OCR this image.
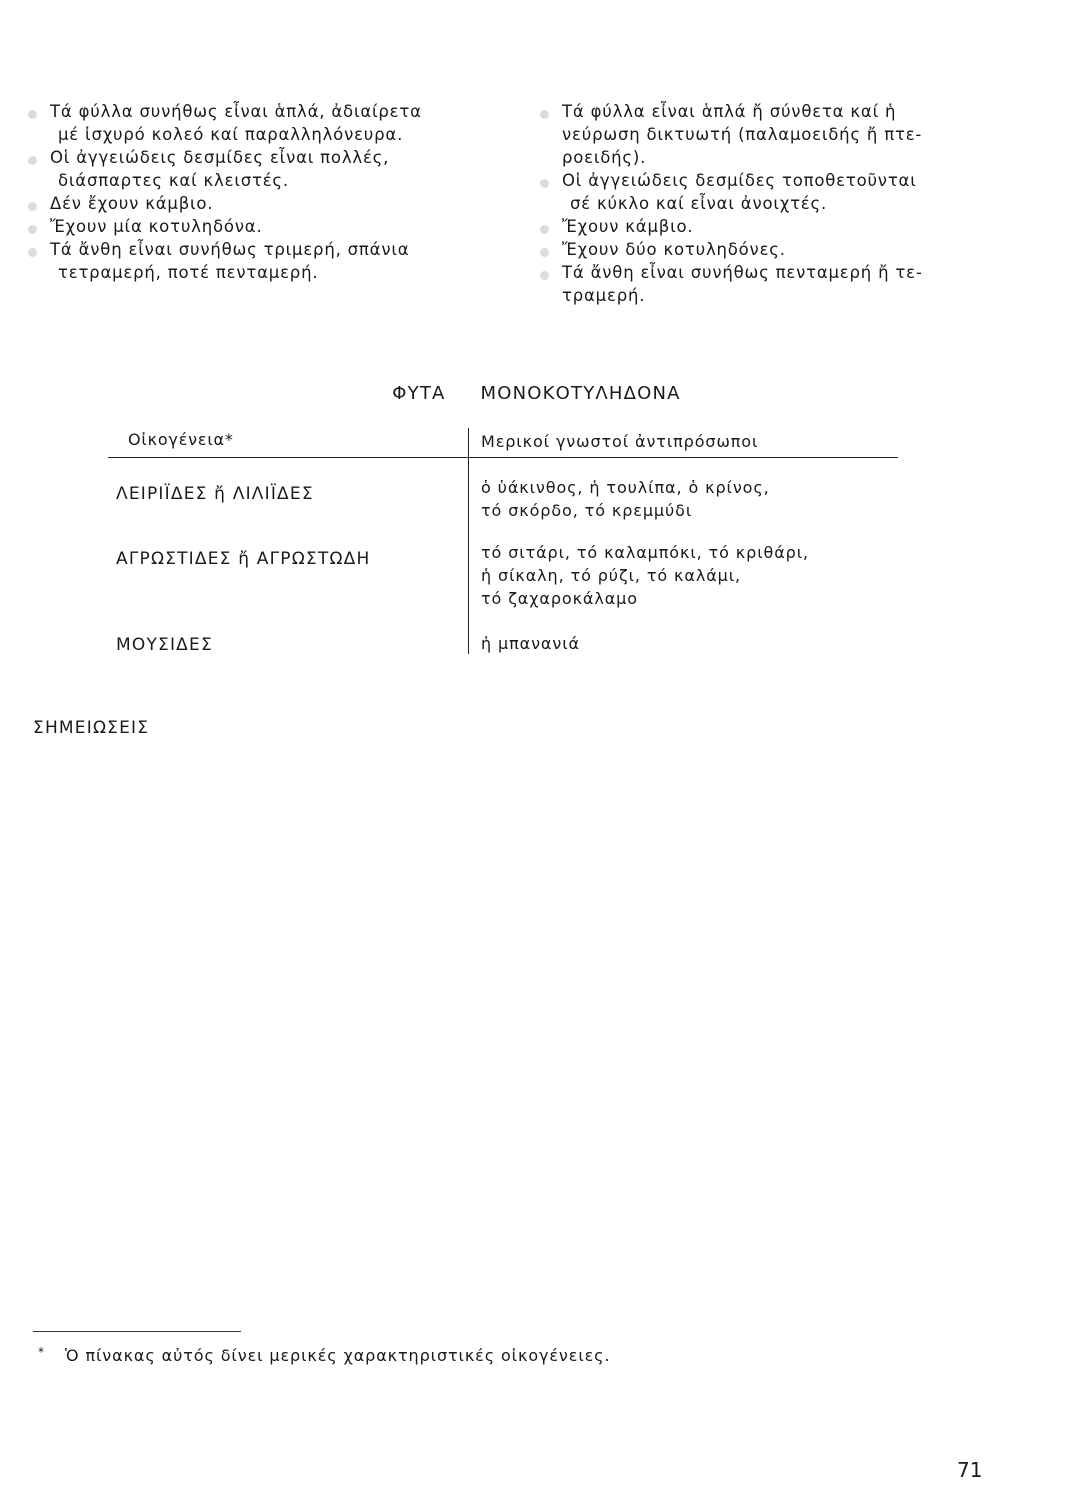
Τά φύλλα συνήθως εἶναι ἁπλά, ἀδιαίρετα
μέ ἰσχυρό κολεό καί παραλληλόνευρα.
Οἱ ἀγγειώδεις δεσμίδες εἶναι πολλές,
διάσπαρτες καί κλειστές.
Δέν ἔχουν κάμβιο.
Ἔχουν μία κοτυληδόνα.
Τά ἄνθη εἶναι συνήθως τριμερή, σπάνια
τετραμερή, ποτέ πενταμερή.
Τά φύλλα εἶναι ἁπλά ἤ σύνθετα καί ἡ
νεύρωση δικτυωτή (παλαμοειδής ἤ πτε-
ροειδής).
Οἱ ἀγγειώδεις δεσμίδες τοποθετοῦνται
σέ κύκλο καί εἶναι ἀνοιχτές.
Ἔχουν κάμβιο.
Ἔχουν δύο κοτυληδόνες.
Τά ἄνθη εἶναι συνήθως πενταμερή ἤ τε-
τραμερή.
ΦΥΤΑ ΜΟΝΟΚΟΤΥΛΗΔΟΝΑ
Οἰκογένεια*	Μερικοί γνωστοί ἀντιπρόσωποι
ΛΕΙΡΙΪΔΕΣ ἤ ΛΙΛΙΪΔΕΣ	ὁ ὑάκινθος, ἡ τουλίπα, ὁ κρίνος,
τό σκόρδο, τό κρεμμύδι
ΑΓΡΩΣΤΙΔΕΣ ἤ ΑΓΡΩΣΤΩΔΗ	τό σιτάρι, τό καλαμπόκι, τό κριθάρι,
ἡ σίκαλη, τό ρύζι, τό καλάμι,
τό ζαχαροκάλαμο
ΜΟΥΣΙΔΕΣ	ἡ μπανανιά
ΣΗΜΕΙΩΣΕΙΣ
* Ὁ πίνακας αὐτός δίνει μερικές χαρακτηριστικές οἰκογένειες.
71
